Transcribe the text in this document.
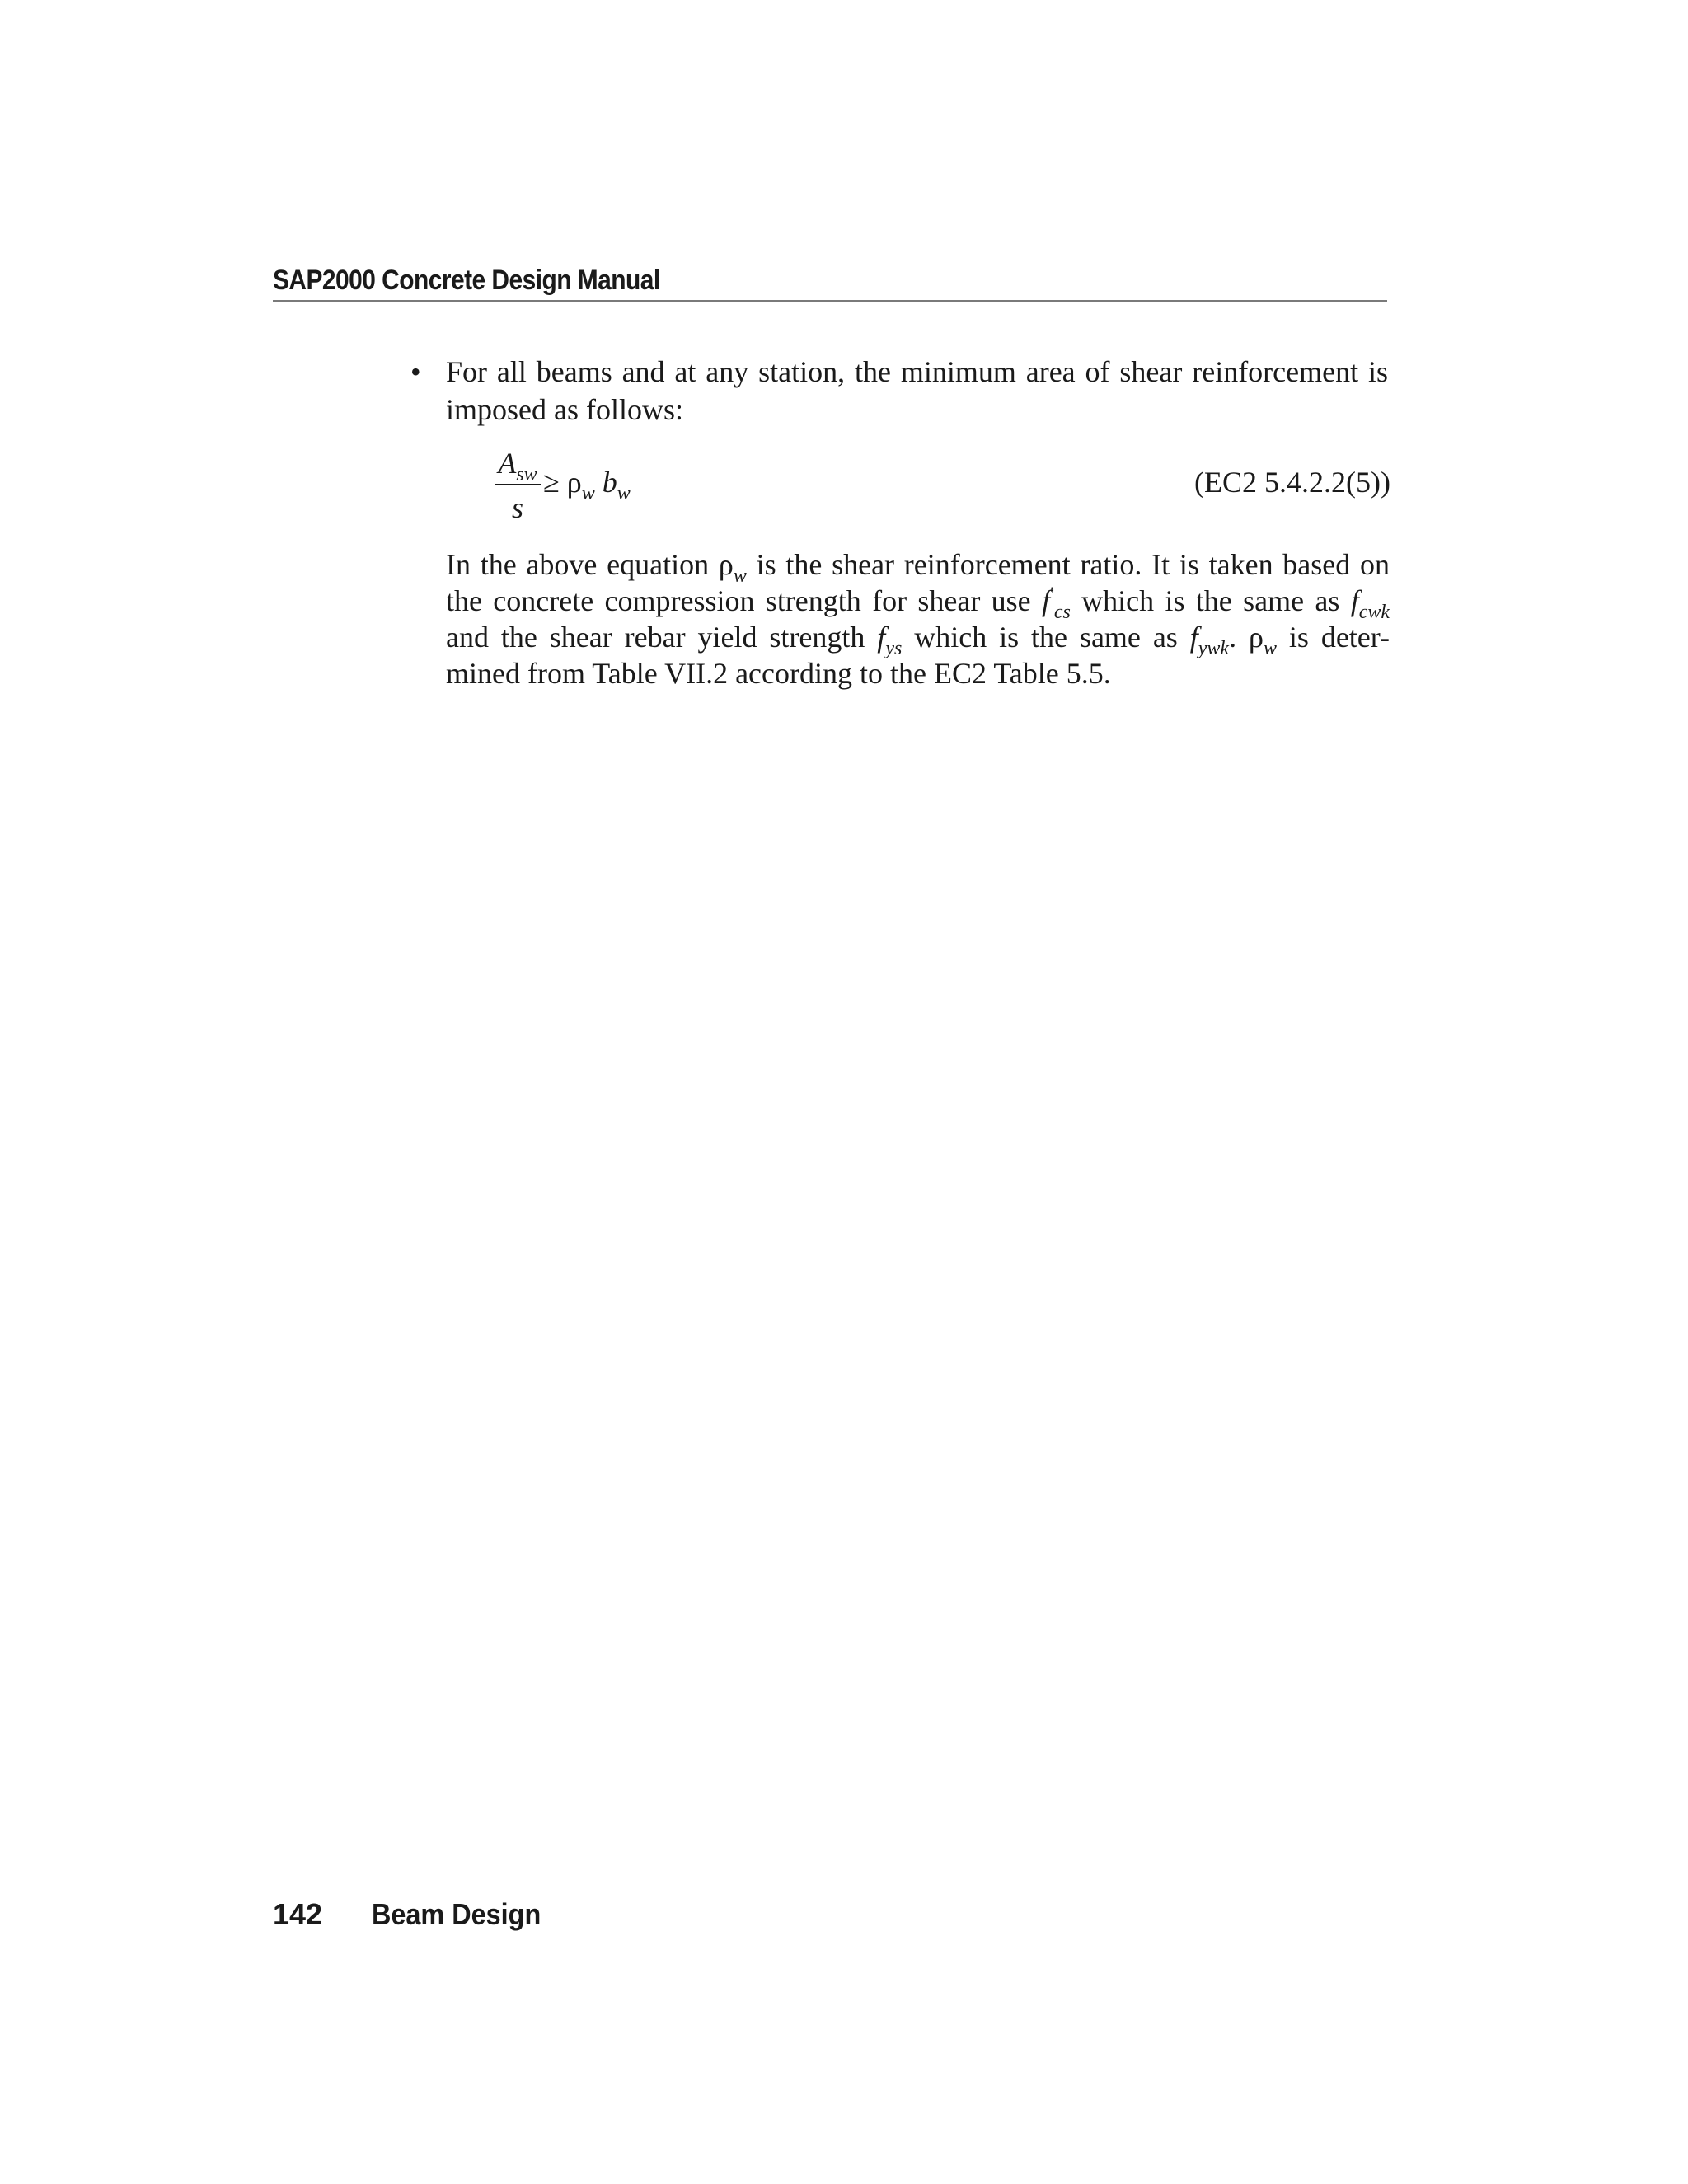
SAP2000 Concrete Design Manual
• For all beams and at any station, the minimum area of shear reinforcement is imposed as follows:
$A_{sw}$
s
≥ $\rho_w$ $b_w$	(EC2 5.4.2.2(5))
In the above equation $\rho_w$ is the shear reinforcement ratio. It is taken based on
the concrete compression strength for shear use $f'_{cs}$ which is the same as $f_{cwk}$
and the shear rebar yield strength $f_{ys}$ which is the same as $f_{ywk}$. $\rho_w$ is deter-
mined from Table VII.2 according to the EC2 Table 5.5.
142 Beam Design
